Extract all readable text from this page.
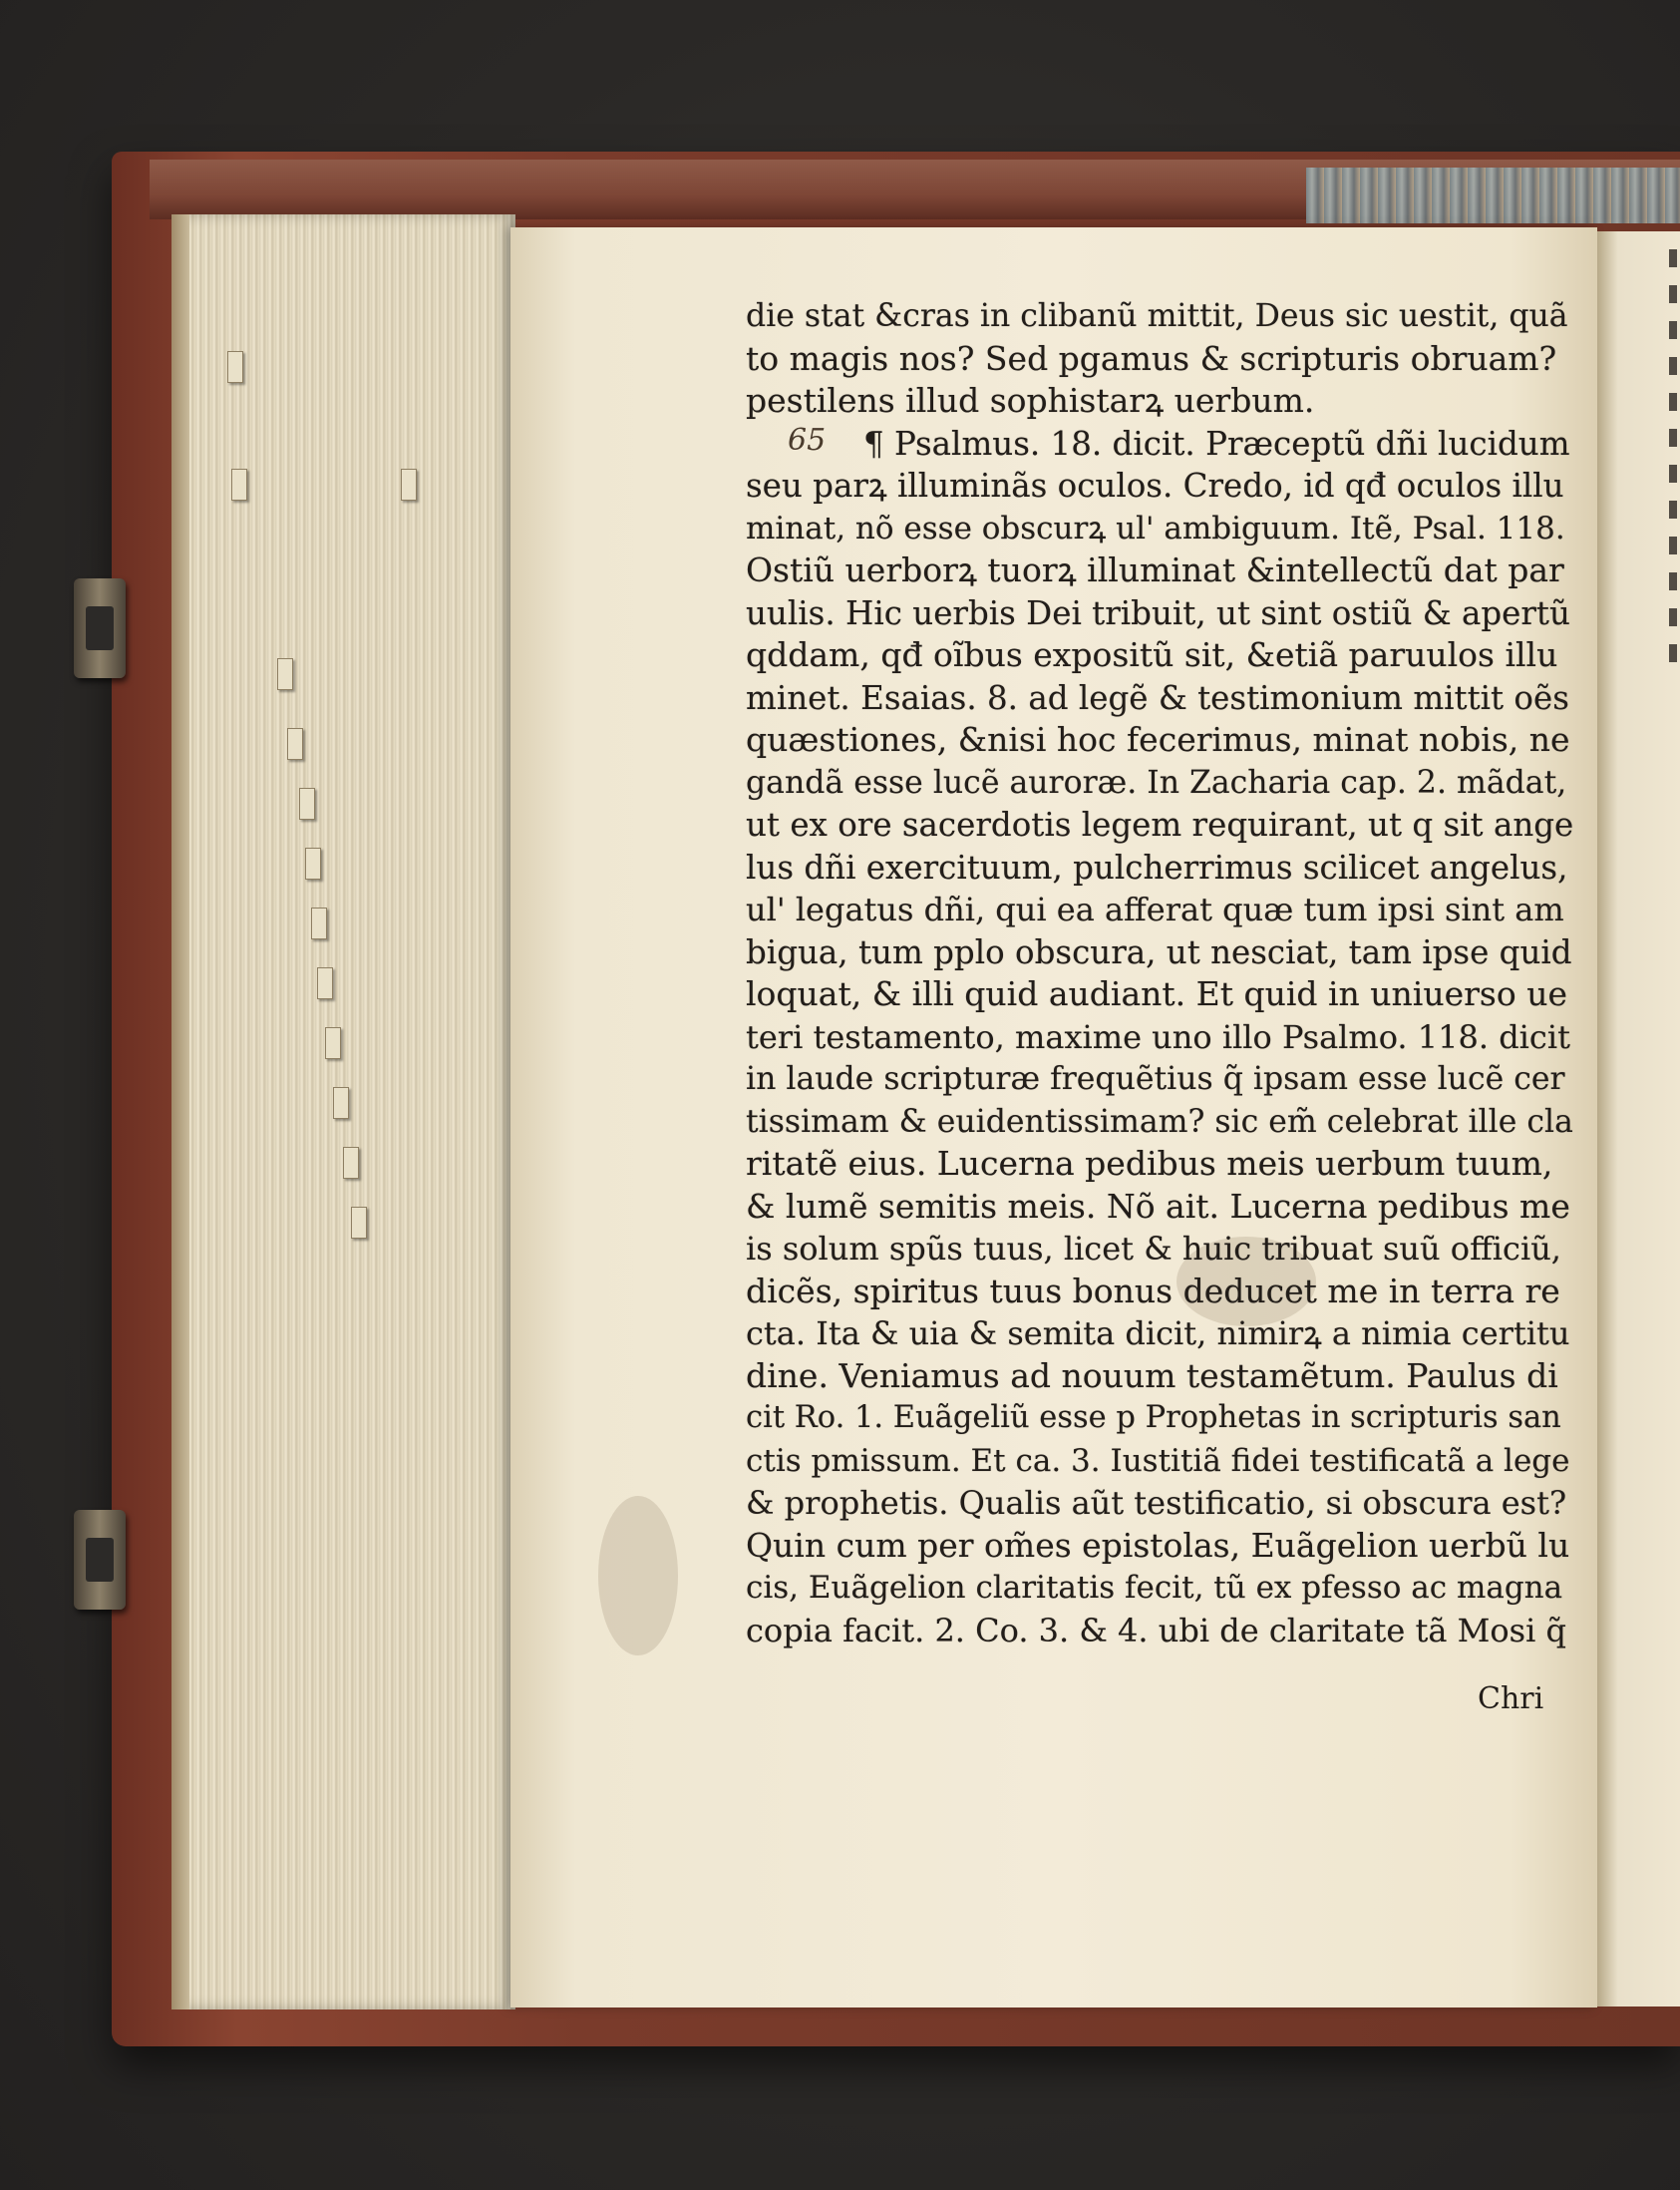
65
die stat &cras in clibanũ mittit, Deus sic uestit, quã
to magis nos? Sed pgamus & scripturis obruam?
pestilens illud sophistarꝝ uerbum.
¶ Psalmus. 18. dicit. Præceptũ dñi lucidum
seu parꝝ illuminãs oculos. Credo, id qđ oculos illu
minat, nõ esse obscurꝝ ul' ambiguum. Itẽ, Psal. 118.
Ostiũ uerborꝝ tuorꝝ illuminat &intellectũ dat par
uulis. Hic uerbis Dei tribuit, ut sint ostiũ & apertũ
qddam, qđ oĩbus expositũ sit, &etiã paruulos illu
minet. Esaias. 8. ad legẽ & testimonium mittit oẽs
quæstiones, &nisi hoc fecerimus, minat nobis, ne
gandã esse lucẽ auroræ. In Zacharia cap. 2. mãdat,
ut ex ore sacerdotis legem requirant, ut q sit ange
lus dñi exercituum, pulcherrimus scilicet angelus,
ul' legatus dñi, qui ea afferat quæ tum ipsi sint am
bigua, tum pplo obscura, ut nesciat, tam ipse quid
loquat, & illi quid audiant. Et quid in uniuerso ue
teri testamento, maxime uno illo Psalmo. 118. dicit
in laude scripturæ frequẽtius q̃ ipsam esse lucẽ cer
tissimam & euidentissimam? sic em̃ celebrat ille cla
ritatẽ eius. Lucerna pedibus meis uerbum tuum,
& lumẽ semitis meis. Nõ ait. Lucerna pedibus me
is solum spũs tuus, licet & huic tribuat suũ officiũ,
dicẽs, spiritus tuus bonus deducet me in terra re
cta. Ita & uia & semita dicit, nimirꝝ a nimia certitu
dine. Veniamus ad nouum testamẽtum. Paulus di
cit Ro. 1. Euãgeliũ esse p Prophetas in scripturis san
ctis pmissum. Et ca. 3. Iustitiã fidei testificatã a lege
& prophetis. Qualis aũt testificatio, si obscura est?
Quin cum per om̃es epistolas, Euãgelion uerbũ lu
cis, Euãgelion claritatis fecit, tũ ex pfesso ac magna
copia facit. 2. Co. 3. & 4. ubi de claritate tã Mosi q̃
Chri
